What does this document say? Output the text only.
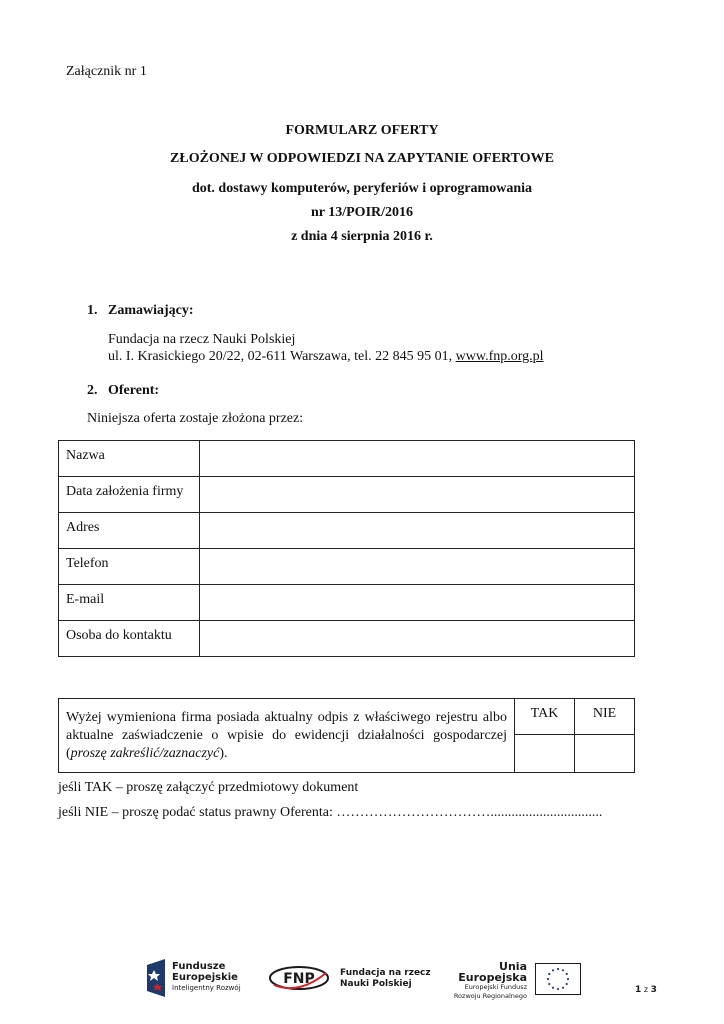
Załącznik nr 1
FORMULARZ OFERTY
ZŁOŻONEJ W ODPOWIEDZI NA ZAPYTANIE OFERTOWE
dot. dostawy komputerów, peryferiów i oprogramowania
nr 13/POIR/2016
z dnia 4 sierpnia 2016 r.
1. Zamawiający:
Fundacja na rzecz Nauki Polskiej
ul. I. Krasickiego 20/22, 02-611 Warszawa, tel. 22 845 95 01, www.fnp.org.pl
2. Oferent:
Niniejsza oferta zostaje złożona przez:
Nazwa	
Data założenia firmy	
Adres	
Telefon	
E-mail	
Osoba do kontaktu	
Wyżej wymieniona firma posiada aktualny odpis z właściwego rejestru albo aktualne zaświadczenie o wpisie do ewidencji działalności gospodarczej (proszę zakreślić/zaznaczyć).	TAK	NIE

jeśli TAK – proszę załączyć przedmiotowy dokument
jeśli NIE – proszę podać status prawny Oferenta: ……………………………................................
Fundusze
Europejskie
Inteligentny Rozwój
FNP	Fundacja na rzecz
Nauki Polskiej
Unia Europejska
Europejski Fundusz
Rozwoju Regionalnego
1 z 3
